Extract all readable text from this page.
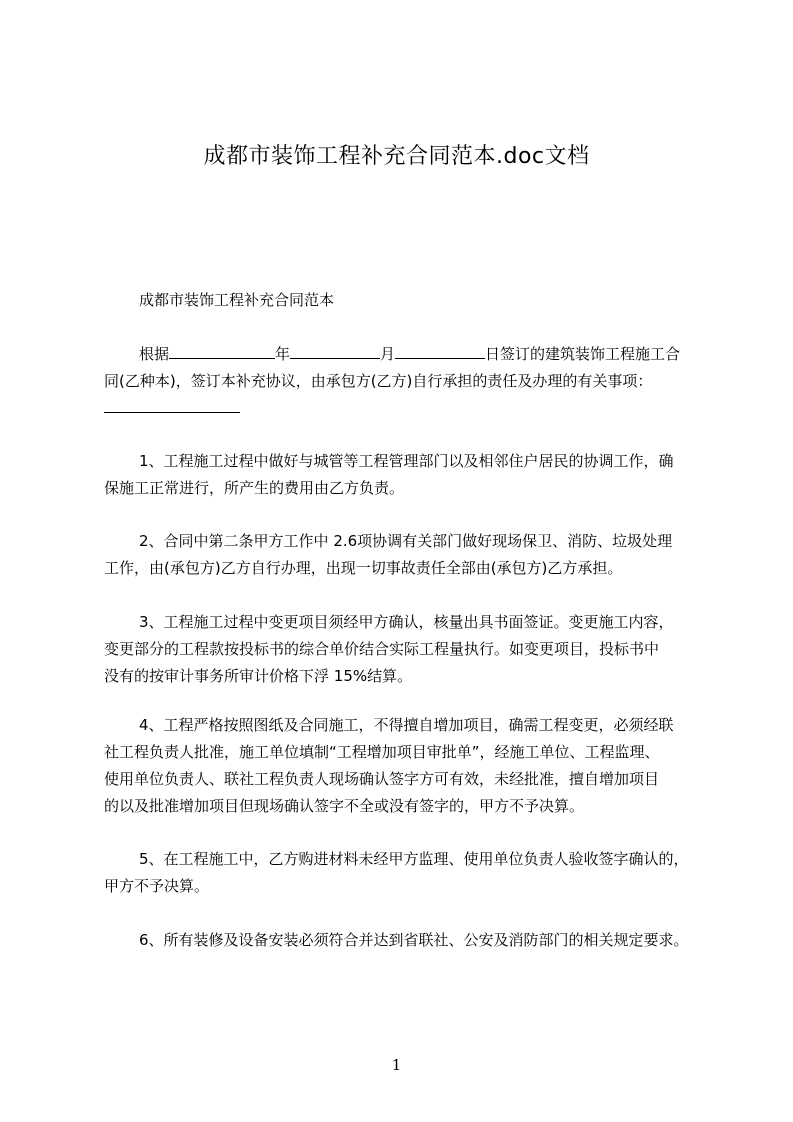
成都市装饰工程补充合同范本.doc文档
成都市装饰工程补充合同范本
根据	年	月	日签订的建筑装饰工程施工合
同(乙种本)，签订本补充协议，由承包方(乙方)自行承担的责任及办理的有关事项：
1、工程施工过程中做好与城管等工程管理部门以及相邻住户居民的协调工作，确
保施工正常进行，所产生的费用由乙方负责。
2、合同中第二条甲方工作中 2.6项协调有关部门做好现场保卫、消防、垃圾处理
工作，由(承包方)乙方自行办理，出现一切事故责任全部由(承包方)乙方承担。
3、工程施工过程中变更项目须经甲方确认，核量出具书面签证。变更施工内容，
变更部分的工程款按投标书的综合单价结合实际工程量执行。如变更项目，投标书中
没有的按审计事务所审计价格下浮 15%结算。
4、工程严格按照图纸及合同施工，不得擅自增加项目，确需工程变更，必须经联
社工程负责人批准，施工单位填制“工程增加项目审批单”，经施工单位、工程监理、
使用单位负责人、联社工程负责人现场确认签字方可有效，未经批准，擅自增加项目
的以及批准增加项目但现场确认签字不全或没有签字的，甲方不予决算。
5、在工程施工中，乙方购进材料未经甲方监理、使用单位负责人验收签字确认的，
甲方不予决算。
6、所有装修及设备安装必须符合并达到省联社、公安及消防部门的相关规定要求。
1
